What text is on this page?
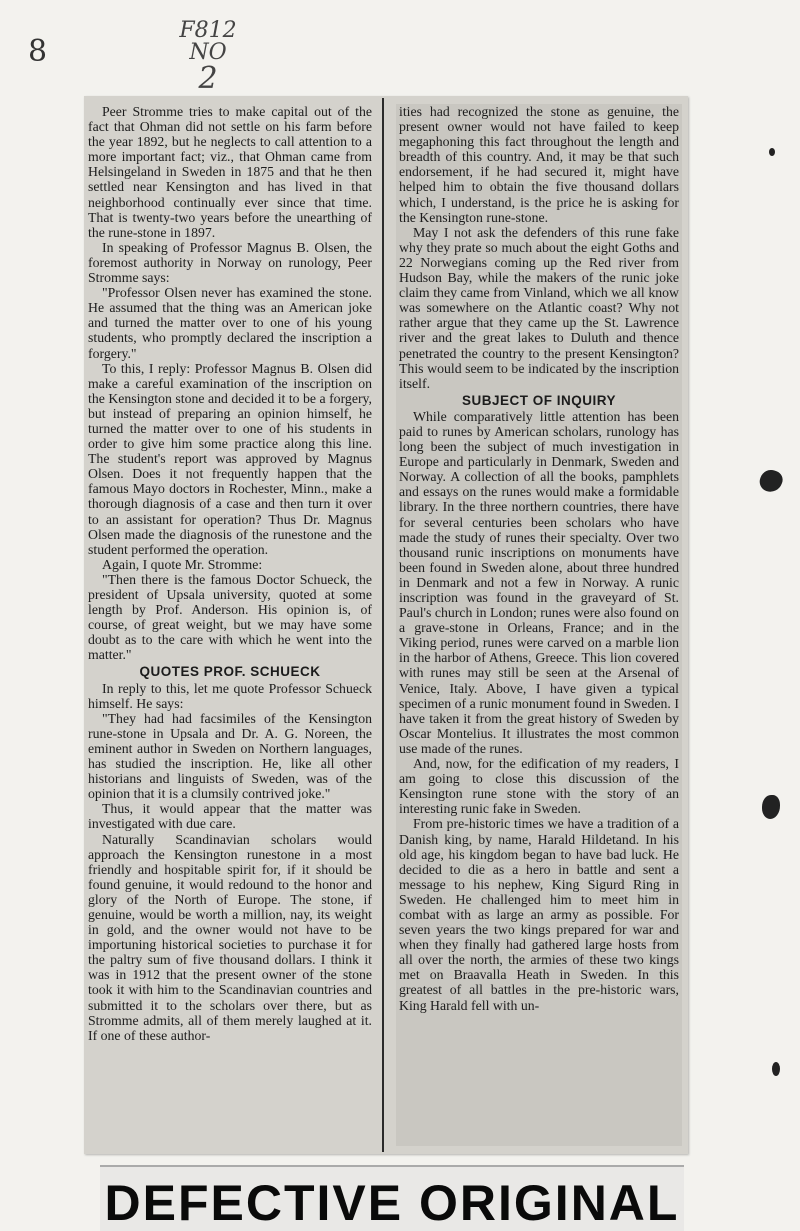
8
F812
NO
2

Peer Stromme tries to make capital out of the fact that Ohman did not settle on his farm before the year 1892, but he neglects to call attention to a more important fact; viz., that Ohman came from Helsingeland in Sweden in 1875 and that he then settled near Kensington and has lived in that neighborhood continually ever since that time. That is twenty-two years before the unearthing of the rune-stone in 1897.

In speaking of Professor Magnus B. Olsen, the foremost authority in Norway on runology, Peer Stromme says:

"Professor Olsen never has examined the stone. He assumed that the thing was an American joke and turned the matter over to one of his young students, who promptly declared the inscription a forgery."

To this, I reply: Professor Magnus B. Olsen did make a careful examination of the inscription on the Kensington stone and decided it to be a forgery, but instead of preparing an opinion himself, he turned the matter over to one of his students in order to give him some practice along this line. The student's report was approved by Magnus Olsen. Does it not frequently happen that the famous Mayo doctors in Rochester, Minn., make a thorough diagnosis of a case and then turn it over to an assistant for operation? Thus Dr. Magnus Olsen made the diagnosis of the runestone and the student performed the operation.

Again, I quote Mr. Stromme:

"Then there is the famous Doctor Schueck, the president of Upsala university, quoted at some length by Prof. Anderson. His opinion is, of course, of great weight, but we may have some doubt as to the care with which he went into the matter."

QUOTES PROF. SCHUECK

In reply to this, let me quote Professor Schueck himself. He says:

"They had had facsimiles of the Kensington rune-stone in Upsala and Dr. A. G. Noreen, the eminent author in Sweden on Northern languages, has studied the inscription. He, like all other historians and linguists of Sweden, was of the opinion that it is a clumsily contrived joke."

Thus, it would appear that the matter was investigated with due care.

Naturally Scandinavian scholars would approach the Kensington runestone in a most friendly and hospitable spirit for, if it should be found genuine, it would redound to the honor and glory of the North of Europe. The stone, if genuine, would be worth a million, nay, its weight in gold, and the owner would not have to be importuning historical societies to purchase it for the paltry sum of five thousand dollars. I think it was in 1912 that the present owner of the stone took it with him to the Scandinavian countries and submitted it to the scholars over there, but as Stromme admits, all of them merely laughed at it. If one of these author-

ities had recognized the stone as genuine, the present owner would not have failed to keep megaphoning this fact throughout the length and breadth of this country. And, it may be that such endorsement, if he had secured it, might have helped him to obtain the five thousand dollars which, I understand, is the price he is asking for the Kensington rune-stone.

May I not ask the defenders of this rune fake why they prate so much about the eight Goths and 22 Norwegians coming up the Red river from Hudson Bay, while the makers of the runic joke claim they came from Vinland, which we all know was somewhere on the Atlantic coast? Why not rather argue that they came up the St. Lawrence river and the great lakes to Duluth and thence penetrated the country to the present Kensington? This would seem to be indicated by the inscription itself.

SUBJECT OF INQUIRY

While comparatively little attention has been paid to runes by American scholars, runology has long been the subject of much investigation in Europe and particularly in Denmark, Sweden and Norway. A collection of all the books, pamphlets and essays on the runes would make a formidable library. In the three northern countries, there have for several centuries been scholars who have made the study of runes their specialty. Over two thousand runic inscriptions on monuments have been found in Sweden alone, about three hundred in Denmark and not a few in Norway. A runic inscription was found in the graveyard of St. Paul's church in London; runes were also found on a grave-stone in Orleans, France; and in the Viking period, runes were carved on a marble lion in the harbor of Athens, Greece. This lion covered with runes may still be seen at the Arsenal of Venice, Italy. Above, I have given a typical specimen of a runic monument found in Sweden. I have taken it from the great history of Sweden by Oscar Montelius. It illustrates the most common use made of the runes.

And, now, for the edification of my readers, I am going to close this discussion of the Kensington rune stone with the story of an interesting runic fake in Sweden.

From pre-historic times we have a tradition of a Danish king, by name, Harald Hildetand. In his old age, his kingdom began to have bad luck. He decided to die as a hero in battle and sent a message to his nephew, King Sigurd Ring in Sweden. He challenged him to meet him in combat with as large an army as possible. For seven years the two kings prepared for war and when they finally had gathered large hosts from all over the north, the armies of these two kings met on Braavalla Heath in Sweden. In this greatest of all battles in the pre-historic wars, King Harald fell with un-

DEFECTIVE ORIGINAL
